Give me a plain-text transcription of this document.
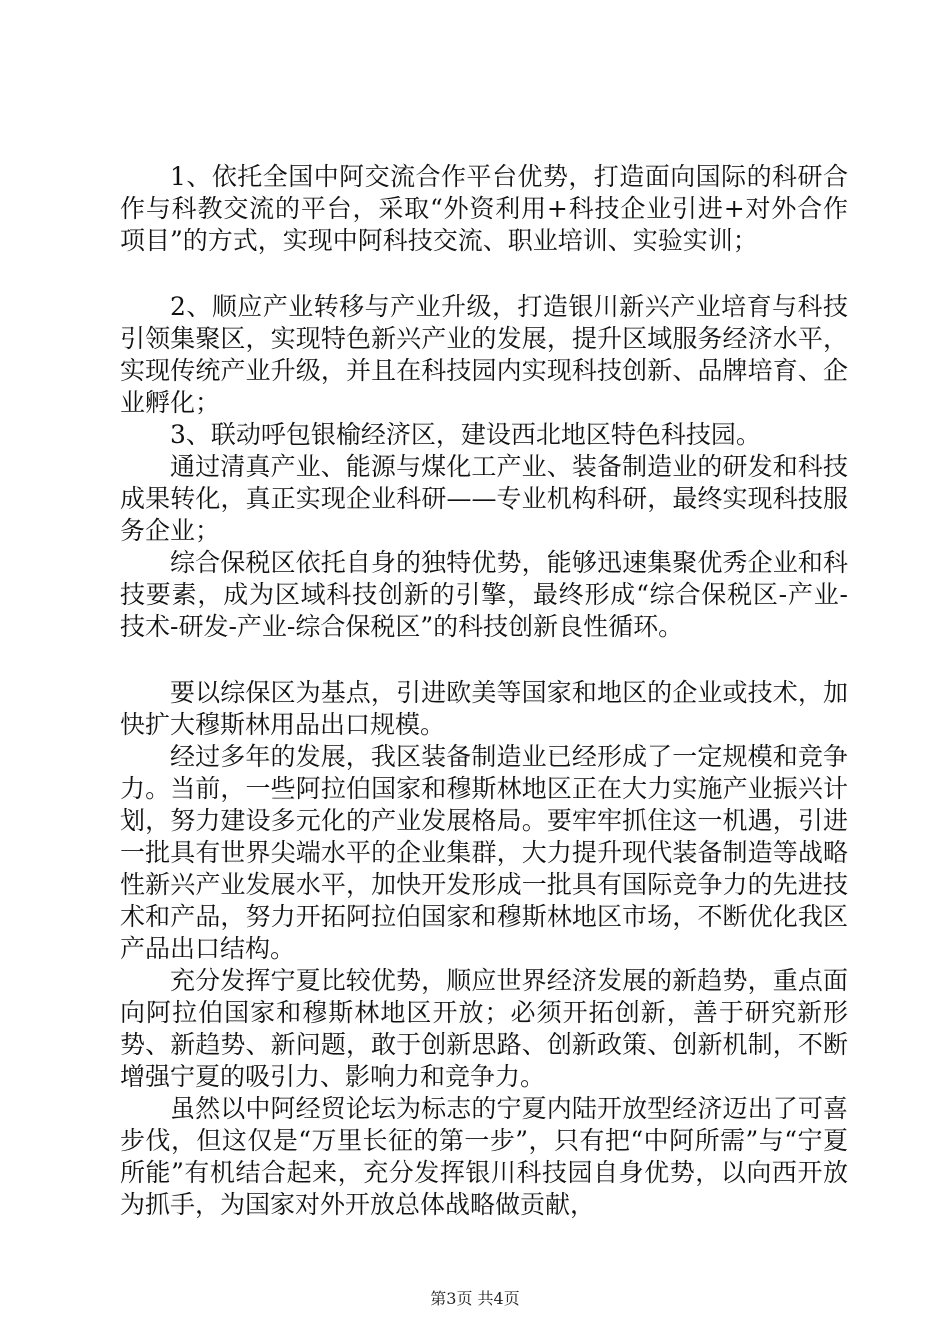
1、依托全国中阿交流合作平台优势，打造面向国际的科研合作与科教交流的平台，采取“外资利用+科技企业引进+对外合作项目”的方式，实现中阿科技交流、职业培训、实验实训；

2、顺应产业转移与产业升级，打造银川新兴产业培育与科技引领集聚区，实现特色新兴产业的发展，提升区域服务经济水平，实现传统产业升级，并且在科技园内实现科技创新、品牌培育、企业孵化；

3、联动呼包银榆经济区，建设西北地区特色科技园。

通过清真产业、能源与煤化工产业、装备制造业的研发和科技成果转化，真正实现企业科研——专业机构科研，最终实现科技服务企业；

综合保税区依托自身的独特优势，能够迅速集聚优秀企业和科技要素，成为区域科技创新的引擎，最终形成“综合保税区-产业-技术-研发-产业-综合保税区”的科技创新良性循环。

要以综保区为基点，引进欧美等国家和地区的企业或技术，加快扩大穆斯林用品出口规模。

经过多年的发展，我区装备制造业已经形成了一定规模和竞争力。当前，一些阿拉伯国家和穆斯林地区正在大力实施产业振兴计划，努力建设多元化的产业发展格局。要牢牢抓住这一机遇，引进一批具有世界尖端水平的企业集群，大力提升现代装备制造等战略性新兴产业发展水平，加快开发形成一批具有国际竞争力的先进技术和产品，努力开拓阿拉伯国家和穆斯林地区市场，不断优化我区产品出口结构。

充分发挥宁夏比较优势，顺应世界经济发展的新趋势，重点面向阿拉伯国家和穆斯林地区开放；必须开拓创新，善于研究新形势、新趋势、新问题，敢于创新思路、创新政策、创新机制，不断增强宁夏的吸引力、影响力和竞争力。

虽然以中阿经贸论坛为标志的宁夏内陆开放型经济迈出了可喜步伐，但这仅是“万里长征的第一步”，只有把“中阿所需”与“宁夏所能”有机结合起来，充分发挥银川科技园自身优势，以向西开放为抓手，为国家对外开放总体战略做贡献，

第3页 共4页
